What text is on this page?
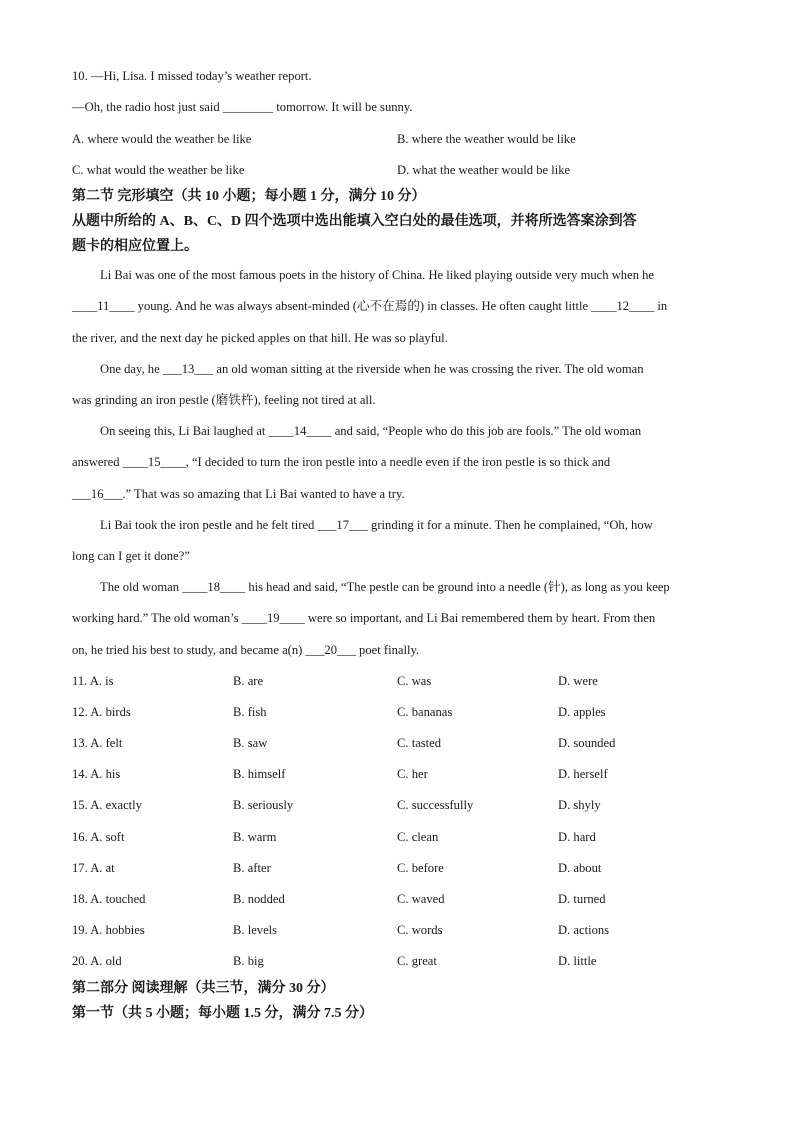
10. —Hi, Lisa. I missed today’s weather report.
—Oh, the radio host just said ________ tomorrow. It will be sunny.
A. where would the weather be like	B. where the weather would be like
C. what would the weather be like	D. what the weather would be like
第二节 完形填空（共 10 小题；每小题 1 分，满分 10 分）
从题中所给的 A、B、C、D 四个选项中选出能填入空白处的最佳选项，并将所选答案涂到答
题卡的相应位置上。
Li Bai was one of the most famous poets in the history of China. He liked playing outside very much when he
____11____ young. And he was always absent-minded (心不在焉的) in classes. He often caught little ____12____ in
the river, and the next day he picked apples on that hill. He was so playful.
One day, he ___13___ an old woman sitting at the riverside when he was crossing the river. The old woman
was grinding an iron pestle (磨铁杵), feeling not tired at all.
On seeing this, Li Bai laughed at ____14____ and said, “People who do this job are fools.” The old woman
answered ____15____, “I decided to turn the iron pestle into a needle even if the iron pestle is so thick and
___16___.” That was so amazing that Li Bai wanted to have a try.
Li Bai took the iron pestle and he felt tired ___17___ grinding it for a minute. Then he complained, “Oh, how
long can I get it done?”
The old woman ____18____ his head and said, “The pestle can be ground into a needle (针), as long as you keep
working hard.” The old woman’s ____19____ were so important, and Li Bai remembered them by heart. From then
on, he tried his best to study, and became a(n) ___20___ poet finally.
11. A. is	B. are	C. was	D. were
12. A. birds	B. fish	C. bananas	D. apples
13. A. felt	B. saw	C. tasted	D. sounded
14. A. his	B. himself	C. her	D. herself
15. A. exactly	B. seriously	C. successfully	D. shyly
16. A. soft	B. warm	C. clean	D. hard
17. A. at	B. after	C. before	D. about
18. A. touched	B. nodded	C. waved	D. turned
19. A. hobbies	B. levels	C. words	D. actions
20. A. old	B. big	C. great	D. little
第二部分 阅读理解（共三节，满分 30 分）
第一节（共 5 小题；每小题 1.5 分，满分 7.5 分）
